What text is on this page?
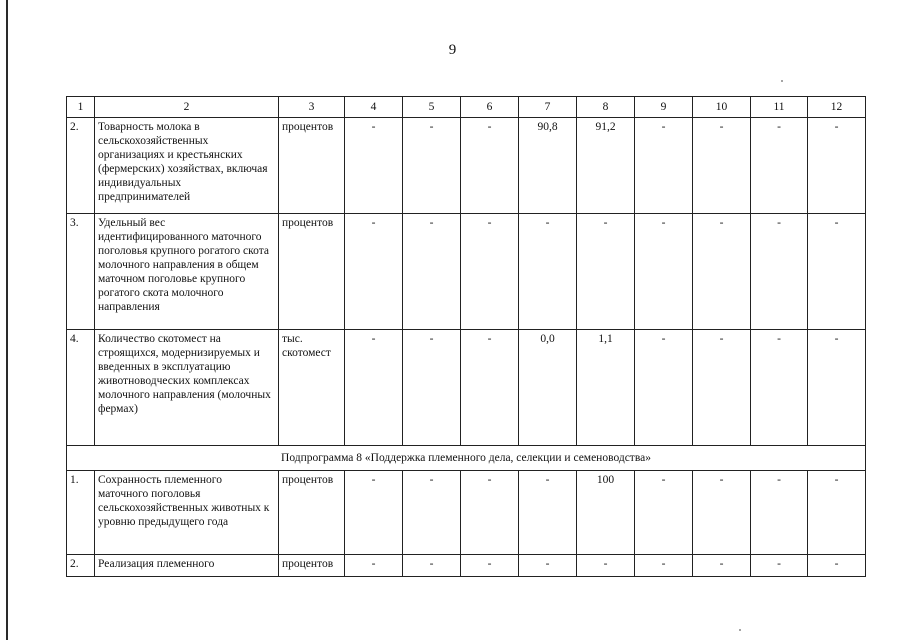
9
1	2	3	4	5	6	7	8	9	10	11	12
2.	Товарность молока в сельскохозяйственных организациях и крестьянских (фермерских) хозяйствах, включая индивидуальных предпринимателей	процентов	-	-	-	90,8	91,2	-	-	-	-
3.	Удельный вес идентифицированного маточного поголовья крупного рогатого скота молочного направления в общем маточном поголовье крупного рогатого скота молочного направления	процентов	-	-	-	-	-	-	-	-	-
4.	Количество скотомест на строящихся, модернизируемых и введенных в эксплуатацию животноводческих комплексах молочного направления (молочных фермах)	тыс. скотомест	-	-	-	0,0	1,1	-	-	-	-
Подпрограмма 8 «Поддержка племенного дела, селекции и семеноводства»											
1.	Сохранность племенного маточного поголовья сельскохозяйственных животных к уровню предыдущего года	процентов	-	-	-	-	100	-	-	-	-
2.	Реализация племенного	процентов	-	-	-	-	-	-	-	-	-
